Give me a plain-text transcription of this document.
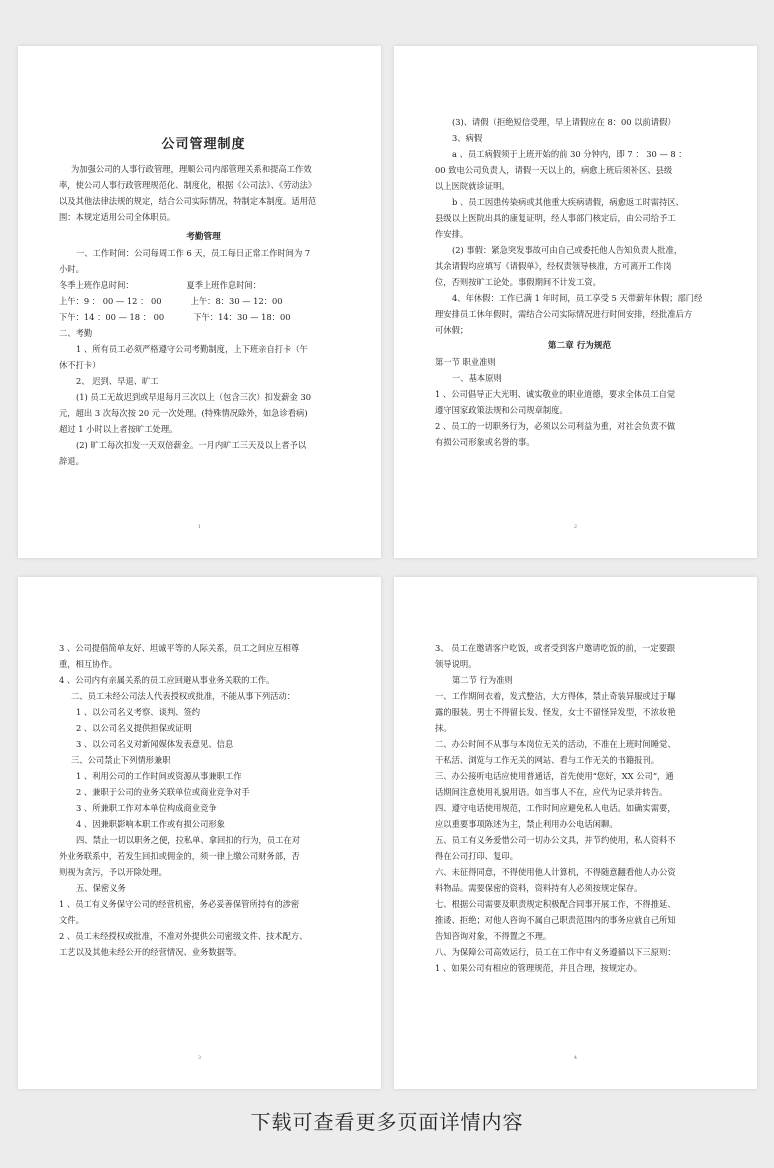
公司管理制度
为加强公司的人事行政管理，理顺公司内部管理关系和提高工作效
率，使公司人事行政管理规范化、制度化，根据《公司法》、《劳动法》
以及其他法律法规的规定，结合公司实际情况，特制定本制度。适用范
围：本规定适用公司全体职员。
考勤管理
一、工作时间：公司每周工作 6 天，员工每日正常工作时间为 7
小时。
冬季上班作息时间：                    夏季上班作息时间：
上午：9 ： 00 — 12 ： 00           上午：8：30 — 12：00
下午：14 ：00 — 18 ： 00           下午：14：30 — 18：00
二、考勤
1 、所有员工必须严格遵守公司考勤制度，上下班亲自打卡（午
休不打卡）
2、 迟到、早退、旷工
(1) 员工无故迟到或早退每月三次以上（包含三次）扣发薪金 30
元，超出 3 次每次按 20 元一次处理。(特殊情况除外，如急诊看病)
超过 1 小时以上者按旷工处理。
(2) 旷工每次扣发一天双倍薪金。一月内旷工三天及以上者予以
辞退。
1
(3)、请假（拒绝短信受理，早上请假应在 8：00 以前请假）
3、病假
a 、员工病假须于上班开始的前 30 分钟内，即 7 ： 30 — 8 ：
00 致电公司负责人，请假一天以上的，病愈上班后须补区、县级
以上医院就诊证明。
b 、员工因患传染病或其他重大疾病请假，病愈返工时需持区、
县级以上医院出具的康复证明，经人事部门核定后，由公司给予工
作安排。
(2) 事假：紧急突发事故可由自己或委托他人告知负责人批准，
其余请假均应填写《请假单》，经权责领导核准，方可离开工作岗
位，否则按旷工论处。事假期间不计发工资。
4、年休假：工作已满 1 年时间，员工享受 5 天带薪年休假；部门经
理安排员工休年假时，需结合公司实际情况进行时间安排，经批准后方
可休假；
第二章 行为规范
第一节 职业准则
一、基本原则
1 、公司倡导正大光明、诚实敬业的职业道德，要求全体员工自觉
遵守国家政策法规和公司规章制度。
2 、员工的一切职务行为，必须以公司利益为重，对社会负责不做
有损公司形象或名誉的事。
2
3 、公司提倡简单友好、坦诚平等的人际关系，员工之间应互相尊
重，相互协作。
4 、公司内有亲属关系的员工应回避从事业务关联的工作。
二、员工未经公司法人代表授权或批准，不能从事下列活动：
1 、以公司名义考察、谈判、签约
2 、以公司名义提供担保或证明
3 、以公司名义对新闻媒体发表意见、信息
三、公司禁止下列情形兼职
1 、利用公司的工作时间或资源从事兼职工作
2 、兼职于公司的业务关联单位或商业竞争对手
3 、所兼职工作对本单位构成商业竞争
4 、因兼职影响本职工作或有损公司形象
四、禁止一切以职务之便，拉私单、拿回扣的行为，员工在对
外业务联系中，若发生回扣或佣金的，须一律上缴公司财务部，否
则视为贪污，予以开除处理。
五、保密义务
1 、员工有义务保守公司的经营机密，务必妥善保管所持有的涉密
文件。
2 、员工未经授权或批准，不准对外提供公司密级文件、技术配方、
工艺以及其他未经公开的经营情况、业务数据等。
3
3、 员工在邀请客户吃饭，或者受到客户邀请吃饭的前，一定要跟
领导说明。
第二节 行为准则
一、工作期间衣着，发式整洁，大方得体，禁止奇装异服或过于曝
露的服装。男士不得留长发、怪发，女士不留怪异发型，不浓妆艳
抹。
二、办公时间不从事与本岗位无关的活动，不准在上班时间睡觉、
干私活、浏览与工作无关的网站、看与工作无关的书籍报刊。
三、办公接听电话应使用普通话，首先使用“您好，XX 公司”，通
话期间注意使用礼貌用语。如当事人不在，应代为记录并转告。
四、遵守电话使用规范，工作时间应避免私人电话。如确实需要，
应以重要事项陈述为主，禁止利用办公电话闲聊。
五、员工有义务爱惜公司一切办公文具，并节约使用，私人资料不
得在公司打印、复印。
六、未征得同意，不得使用他人计算机，不得随意翻看他人办公资
料物品。需要保密的资料，资料持有人必须按规定保存。
七、根据公司需要及职责规定积极配合同事开展工作，不得推延、
推诿、拒绝；对他人咨询不属自己职责范围内的事务应就自己所知
告知咨询对象，不得置之不理。
八、为保障公司高效运行，员工在工作中有义务遵循以下三原则：
1 、如果公司有相应的管理规范，并且合理，按规定办。
4
下载可查看更多页面详情内容
